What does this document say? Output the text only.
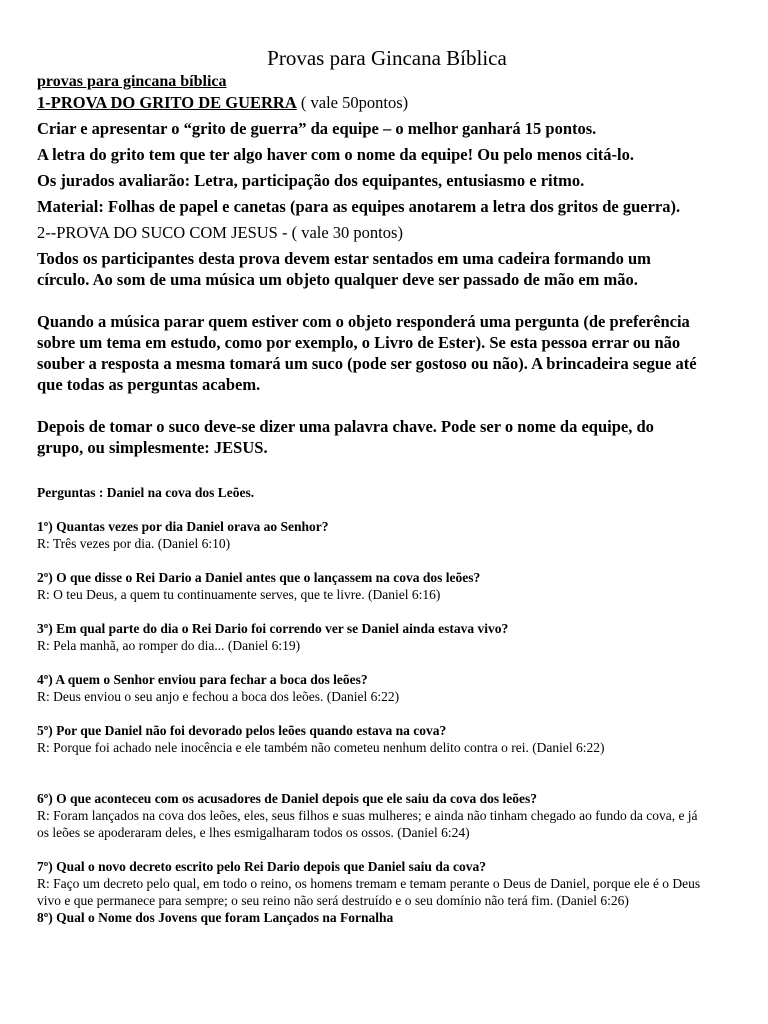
Provas para Gincana Bíblica
provas para gincana bíblica
1-PROVA DO GRITO DE GUERRA ( vale 50pontos)
Criar e apresentar o “grito de guerra” da equipe – o melhor ganhará 15 pontos.
A letra do grito tem que ter algo haver com o nome da equipe! Ou pelo menos citá-lo.
Os jurados avaliarão: Letra, participação dos equipantes, entusiasmo e ritmo.
Material: Folhas de papel e canetas (para as equipes anotarem a letra dos gritos de guerra).
2--PROVA DO SUCO COM JESUS - ( vale 30 pontos)
Todos os participantes desta prova devem estar sentados em uma cadeira formando um círculo. Ao som de uma música um objeto qualquer deve ser passado de mão em mão.
Quando a música parar quem estiver com o objeto responderá uma pergunta (de preferência sobre um tema em estudo, como por exemplo, o Livro de Ester). Se esta pessoa errar ou não souber a resposta a mesma tomará um suco (pode ser gostoso ou não). A brincadeira segue até que todas as perguntas acabem.
Depois de tomar o suco deve-se dizer uma palavra chave. Pode ser o nome da equipe, do grupo, ou simplesmente: JESUS.
Perguntas : Daniel na cova dos Leões.
1º) Quantas vezes por dia Daniel orava ao Senhor?
R: Três vezes por dia. (Daniel 6:10)
2º) O que disse o Rei Dario a Daniel antes que o lançassem na cova dos leões?
R: O teu Deus, a quem tu continuamente serves, que te livre. (Daniel 6:16)
3º) Em qual parte do dia o Rei Dario foi correndo ver se Daniel ainda estava vivo?
R: Pela manhã, ao romper do dia... (Daniel 6:19)
4º) A quem o Senhor enviou para fechar a boca dos leões?
R: Deus enviou o seu anjo e fechou a boca dos leões. (Daniel 6:22)
5º) Por que Daniel não foi devorado pelos leões quando estava na cova?
R: Porque foi achado nele inocência e ele também não cometeu nenhum delito contra o rei. (Daniel 6:22)
6º) O que aconteceu com os acusadores de Daniel depois que ele saiu da cova dos leões?
R: Foram lançados na cova dos leões, eles, seus filhos e suas mulheres; e ainda não tinham chegado ao fundo da cova, e já os leões se apoderaram deles, e lhes esmigalharam todos os ossos. (Daniel 6:24)
7º) Qual o novo decreto escrito pelo Rei Dario depois que Daniel saiu da cova?
R: Faço um decreto pelo qual, em todo o reino, os homens tremam e temam perante o Deus de Daniel, porque ele é o Deus vivo e que permanece para sempre; o seu reino não será destruído e o seu domínio não terá fim. (Daniel 6:26)
8º) Qual o Nome dos Jovens que foram Lançados na Fornalha
